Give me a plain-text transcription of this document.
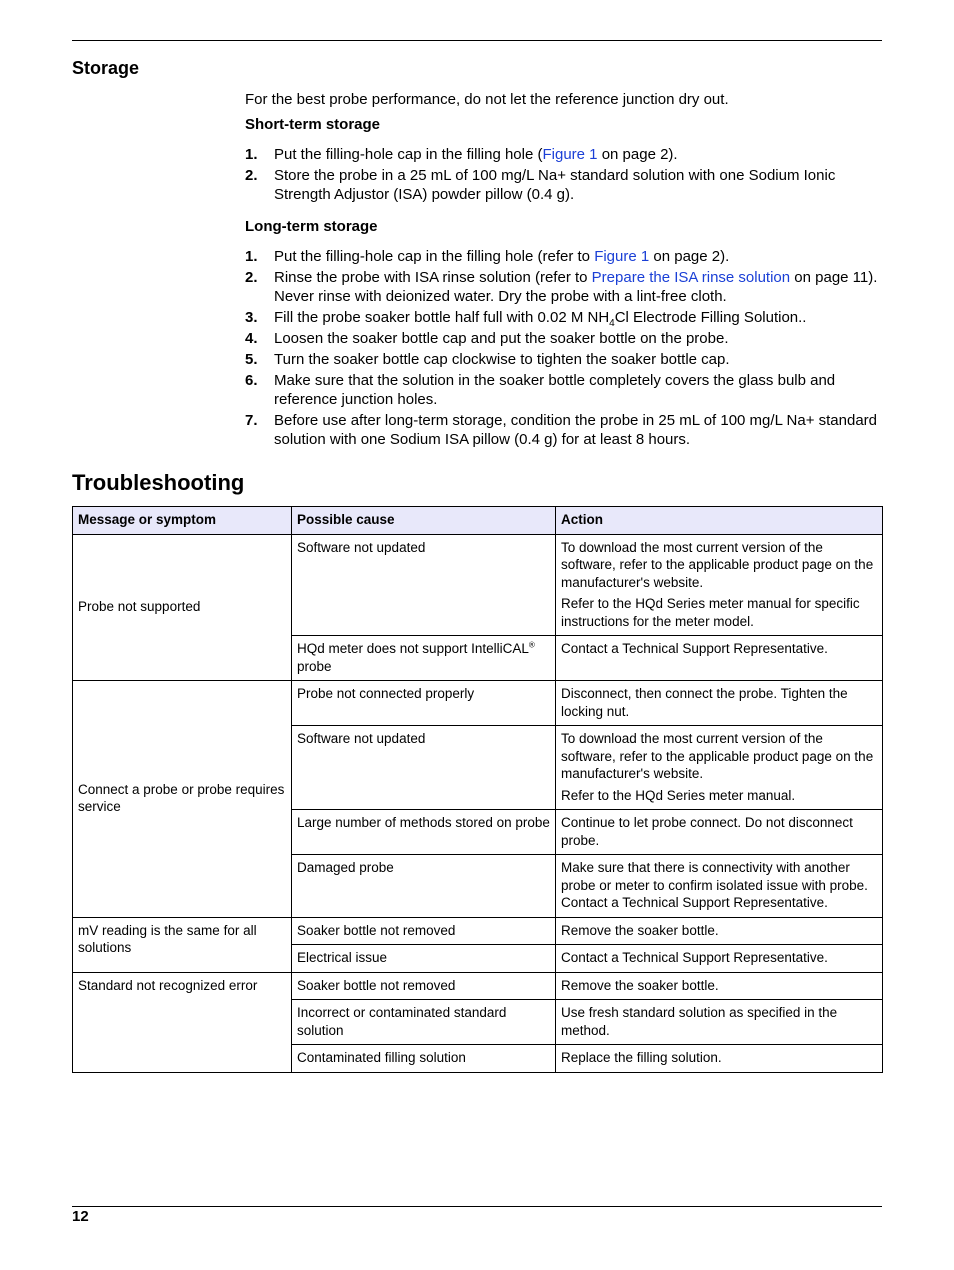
Storage

For the best probe performance, do not let the reference junction dry out.

Short-term storage

1. Put the filling-hole cap in the filling hole (Figure 1 on page 2).
2. Store the probe in a 25 mL of 100 mg/L Na+ standard solution with one Sodium Ionic Strength Adjustor (ISA) powder pillow (0.4 g).

Long-term storage

1. Put the filling-hole cap in the filling hole (refer to Figure 1 on page 2).
2. Rinse the probe with ISA rinse solution (refer to Prepare the ISA rinse solution on page 11). Never rinse with deionized water. Dry the probe with a lint-free cloth.
3. Fill the probe soaker bottle half full with 0.02 M $NH_4Cl$ Electrode Filling Solution..
4. Loosen the soaker bottle cap and put the soaker bottle on the probe.
5. Turn the soaker bottle cap clockwise to tighten the soaker bottle cap.
6. Make sure that the solution in the soaker bottle completely covers the glass bulb and reference junction holes.
7. Before use after long-term storage, condition the probe in 25 mL of 100 mg/L Na+ standard solution with one Sodium ISA pillow (0.4 g) for at least 8 hours.
Troubleshooting
Message or symptom	Possible cause	Action
Probe not supported	Software not updated	To download the most current version of the software, refer to the applicable product page on the manufacturer's website.
Refer to the HQd Series meter manual for specific instructions for the meter model.

	HQd meter does not support IntelliCAL® probe	Contact a Technical Support Representative.
Connect a probe or probe requires service	Probe not connected properly	Disconnect, then connect the probe. Tighten the locking nut.
	Software not updated	To download the most current version of the software, refer to the applicable product page on the manufacturer's website.
Refer to the HQd Series meter manual.

	Large number of methods stored on probe	Continue to let probe connect. Do not disconnect probe.
	Damaged probe	Make sure that there is connectivity with another probe or meter to confirm isolated issue with probe. Contact a Technical Support Representative.
mV reading is the same for all solutions	Soaker bottle not removed	Remove the soaker bottle.
	Electrical issue	Contact a Technical Support Representative.
Standard not recognized error	Soaker bottle not removed	Remove the soaker bottle.
	Incorrect or contaminated standard solution	Use fresh standard solution as specified in the method.
	Contaminated filling solution	Replace the filling solution.
12
